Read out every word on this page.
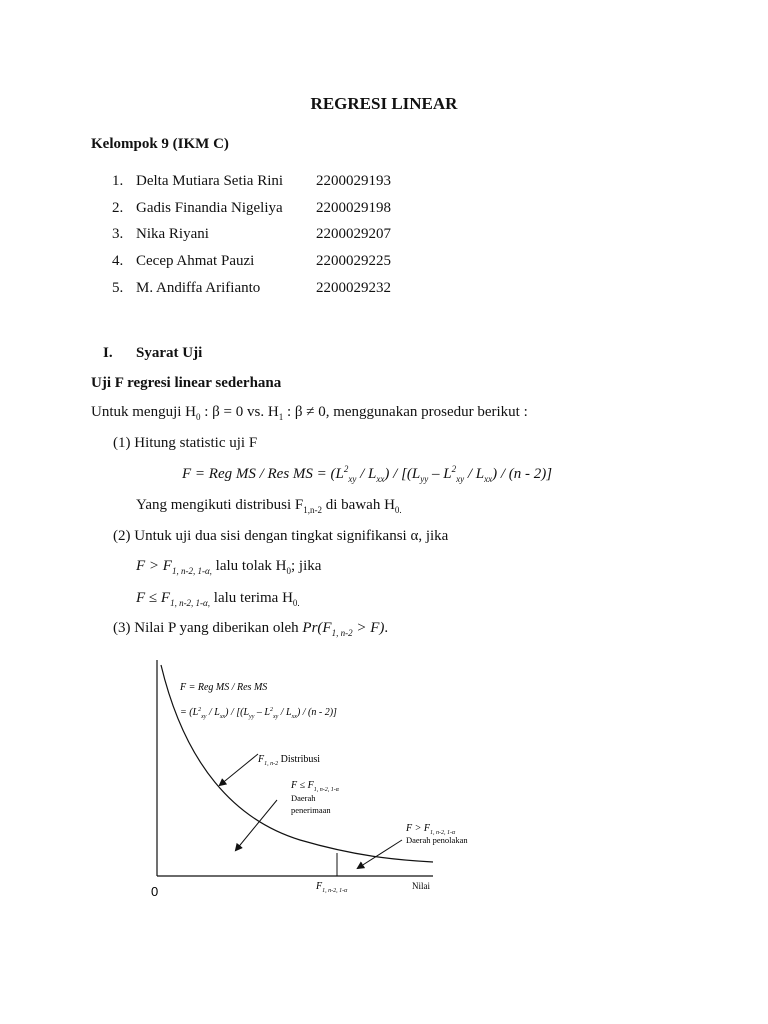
REGRESI LINEAR
Kelompok 9 (IKM C)
1. Delta Mutiara Setia Rini 2200029193
2. Gadis Finandia Nigeliya 2200029198
3. Nika Riyani	2200029207
4. Cecep Ahmat Pauzi	2200029225
5. M. Andiffa Arifianto	2200029232
I. Syarat Uji
Uji F regresi linear sederhana
Untuk menguji $H_0$ : β = 0 vs. $H_1$ : β ≠ 0, menggunakan prosedur berikut :
(1) Hitung statistic uji F
F = Reg MS / Res MS = $(L^2_{xy} / L_{xx}) / [(L_{yy} - L^2_{xy} / L_{xx}) / (n - 2)]$
Yang mengikuti distribusi $F_{1,n-2}$ di bawah $H_{0.}$
(2) Untuk uji dua sisi dengan tingkat signifikansi α, jika
$F > F_{1, n-2, 1-\alpha,}$ lalu tolak $H_0$; jika
$F \le F_{1, n-2, 1-\alpha,}$ lalu terima $H_{0.}$
(3) Nilai P yang diberikan oleh $Pr(F_{1, n-2} > F)$.
F = Reg MS / Res MS
= $(L^2_{xy} / L_{xx}) / [(L_{yy} - L^2_{xy} / L_{xx}) / (n - 2)]$
$F_{1, n-2}$ Distribusi
$F \le F_{1, n-2, 1-\alpha}$
Daerah
penerimaan
$F > F_{1, n-2, 1-\alpha}$
Daerah penolakan
$F_{1, n-2, 1-\alpha}$	Nilai
0
